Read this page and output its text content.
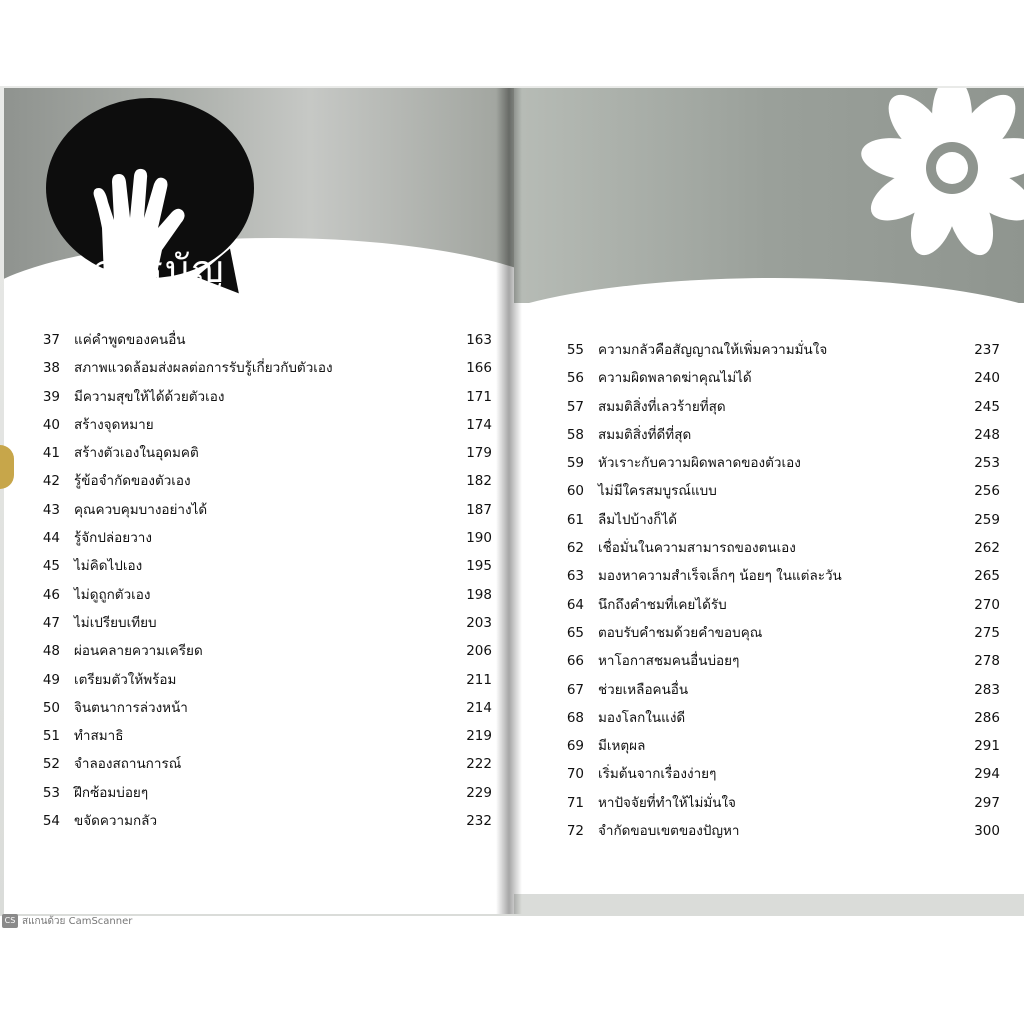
สารบัญ
37 แค่คำพูดของคนอื่น	163
38 สภาพแวดล้อมส่งผลต่อการรับรู้เกี่ยวกับตัวเอง	166
39 มีความสุขให้ได้ด้วยตัวเอง	171
40 สร้างจุดหมาย	174
41 สร้างตัวเองในอุดมคติ	179
42 รู้ข้อจำกัดของตัวเอง	182
43 คุณควบคุมบางอย่างได้	187
44 รู้จักปล่อยวาง	190
45 ไม่คิดไปเอง	195
46 ไม่ดูถูกตัวเอง	198
47 ไม่เปรียบเทียบ	203
48 ผ่อนคลายความเครียด	206
49 เตรียมตัวให้พร้อม	211
50 จินตนาการล่วงหน้า	214
51 ทำสมาธิ	219
52 จำลองสถานการณ์	222
53 ฝึกซ้อมบ่อยๆ	229
54 ขจัดความกลัว	232
55 ความกลัวคือสัญญาณให้เพิ่มความมั่นใจ	237
56 ความผิดพลาดฆ่าคุณไม่ได้	240
57 สมมติสิ่งที่เลวร้ายที่สุด	245
58 สมมติสิ่งที่ดีที่สุด	248
59 หัวเราะกับความผิดพลาดของตัวเอง	253
60 ไม่มีใครสมบูรณ์แบบ	256
61 ลืมไปบ้างก็ได้	259
62 เชื่อมั่นในความสามารถของตนเอง	262
63 มองหาความสำเร็จเล็กๆ น้อยๆ ในแต่ละวัน	265
64 นึกถึงคำชมที่เคยได้รับ	270
65 ตอบรับคำชมด้วยคำขอบคุณ	275
66 หาโอกาสชมคนอื่นบ่อยๆ	278
67 ช่วยเหลือคนอื่น	283
68 มองโลกในแง่ดี	286
69 มีเหตุผล	291
70 เริ่มต้นจากเรื่องง่ายๆ	294
71 หาปัจจัยที่ทำให้ไม่มั่นใจ	297
72 จำกัดขอบเขตของปัญหา	300
CS สแกนด้วย CamScanner
